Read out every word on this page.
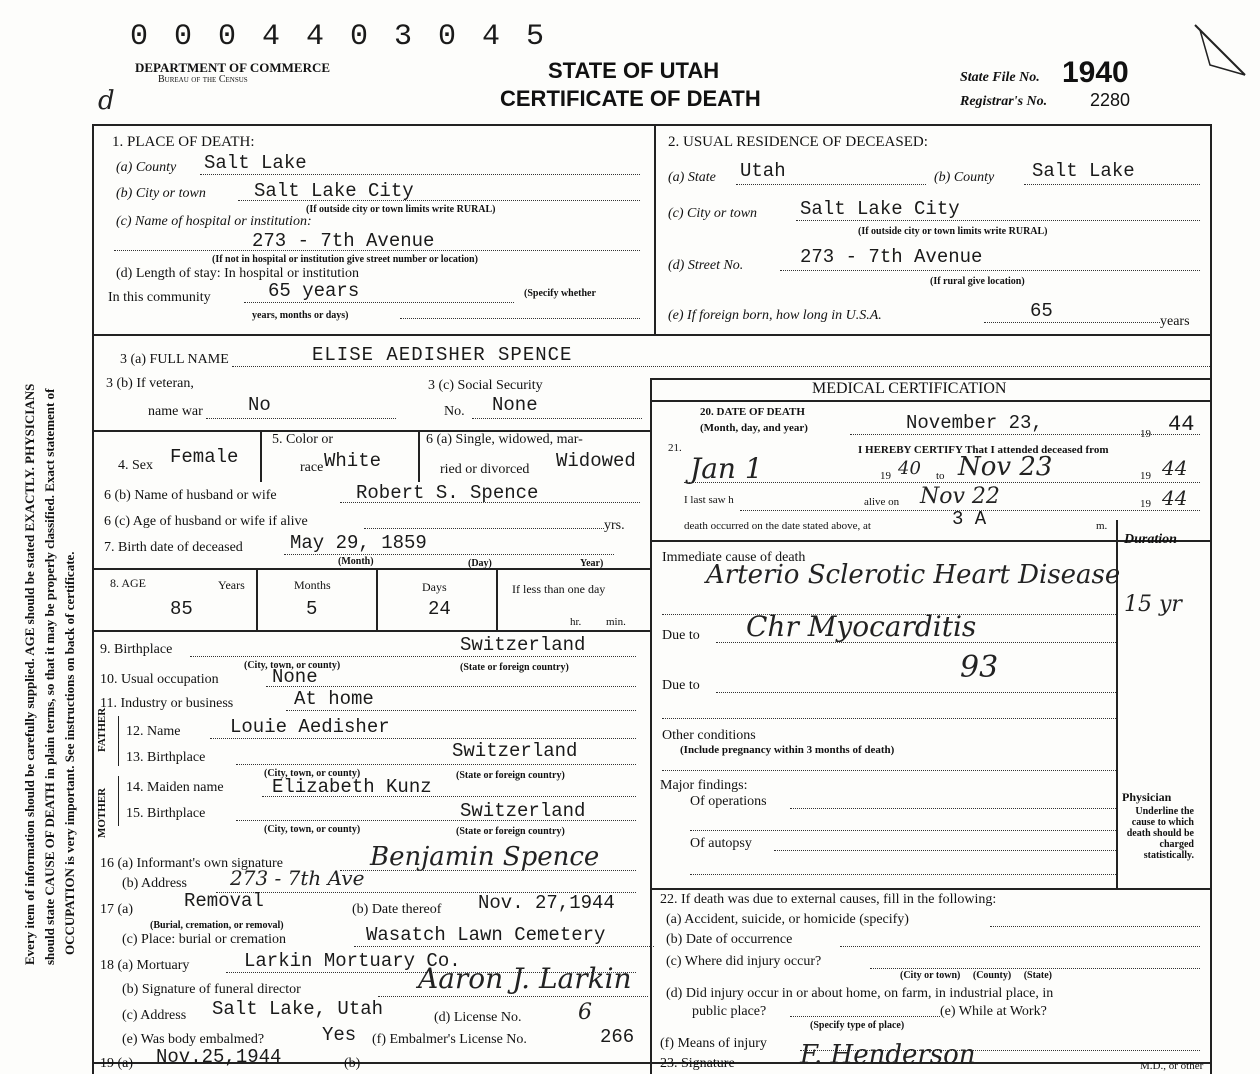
0 0 0 4 4 0 3 0 4 5
DEPARTMENT OF COMMERCE
Bureau of the Census
d
STATE OF UTAH
CERTIFICATE OF DEATH
State File No. 1940
Registrar's No. 2280
Every item of information should be carefully supplied. AGE should be stated EXACTLY. PHYSICIANS should state CAUSE OF DEATH in plain terms, so that it may be properly classified. Exact statement of OCCUPATION is very important. See instructions on back of certificate.
1. PLACE OF DEATH:
(a) County Salt Lake
(b) City or town	Salt Lake City
(If outside city or town limits write RURAL)
(c) Name of hospital or institution:
273 - 7th Avenue
(If not in hospital or institution give street number or location)
(d) Length of stay: In hospital or institution
In this community	65 years	(Specify whether
years, months or days)
2. USUAL RESIDENCE OF DECEASED:
(a) State Utah	(b) County Salt Lake
(c) City or town Salt Lake City
(If outside city or town limits write RURAL)
(d) Street No.	273 - 7th Avenue
(If rural give location)
(e) If foreign born, how long in U.S.A.	65	years
3 (a) FULL NAME	ELISE AEDISHER SPENCE
3 (b) If veteran,
name war No
3 (c) Social Security
No. None
4. Sex Female
5. Color or
race White
6 (a) Single, widowed, mar-
ried or divorced Widowed
6 (b) Name of husband or wife	Robert S. Spence
6 (c) Age of husband or wife if alive	yrs.
7. Birth date of deceased May 29, 1859
(Month)	(Day)	Year)
8. AGE	Years	Months	Days	If less than one day
85	5	24
hr. min.
9. Birthplace	Switzerland
(City, town, or county)	(State or foreign country)
10. Usual occupation	None
11. Industry or business	At home
FATHER
MOTHER
12. Name	Louie Aedisher
13. Birthplace	Switzerland
(City, town, or county)	(State or foreign country)
14. Maiden name	Elizabeth Kunz
15. Birthplace	Switzerland
(City, town, or county)	(State or foreign country)
16 (a) Informant's own signature	Benjamin Spence
(b) Address 273 - 7th Ave
17 (a)	Removal
(Burial, cremation, or removal)
(b) Date thereof Nov. 27,1944
(c) Place: burial or cremation	Wasatch Lawn Cemetery
18 (a) Mortuary	Larkin Mortuary Co.
(b) Signature of funeral director	Aaron J. Larkin
(c) Address Salt Lake, Utah	(d) License No.	6
(e) Was body embalmed?	Yes (f) Embalmer's License No.	266
19 (a) Nov.25,1944	(b)
MEDICAL CERTIFICATION
20. DATE OF DEATH
(Month, day, and year)	November 23,	19 44
21.	I HEREBY CERTIFY That I attended deceased from
Jan 1	19 40 to Nov 23	19 44
I last saw h	alive on Nov 22	19 44
death occurred on the date stated above, at	3 A	m.
Duration
Immediate cause of death
Arterio Sclerotic Heart Disease
15 yr
Due to Chr Myocarditis
93
Due to
Other conditions
(Include pregnancy within 3 months of death)
Major findings:
Of operations
Of autopsy
Physician
Underline the cause to which death should be charged statistically.
22. If death was due to external causes, fill in the following:
(a) Accident, suicide, or homicide (specify)
(b) Date of occurrence
(c) Where did injury occur?
(City or town)     (County)     (State)
(d) Did injury occur in or about home, on farm, in industrial place, in
public place?
(Specify type of place)
(e) While at Work?
(f) Means of injury
23. Signature	F. Henderson	M.D., or other
